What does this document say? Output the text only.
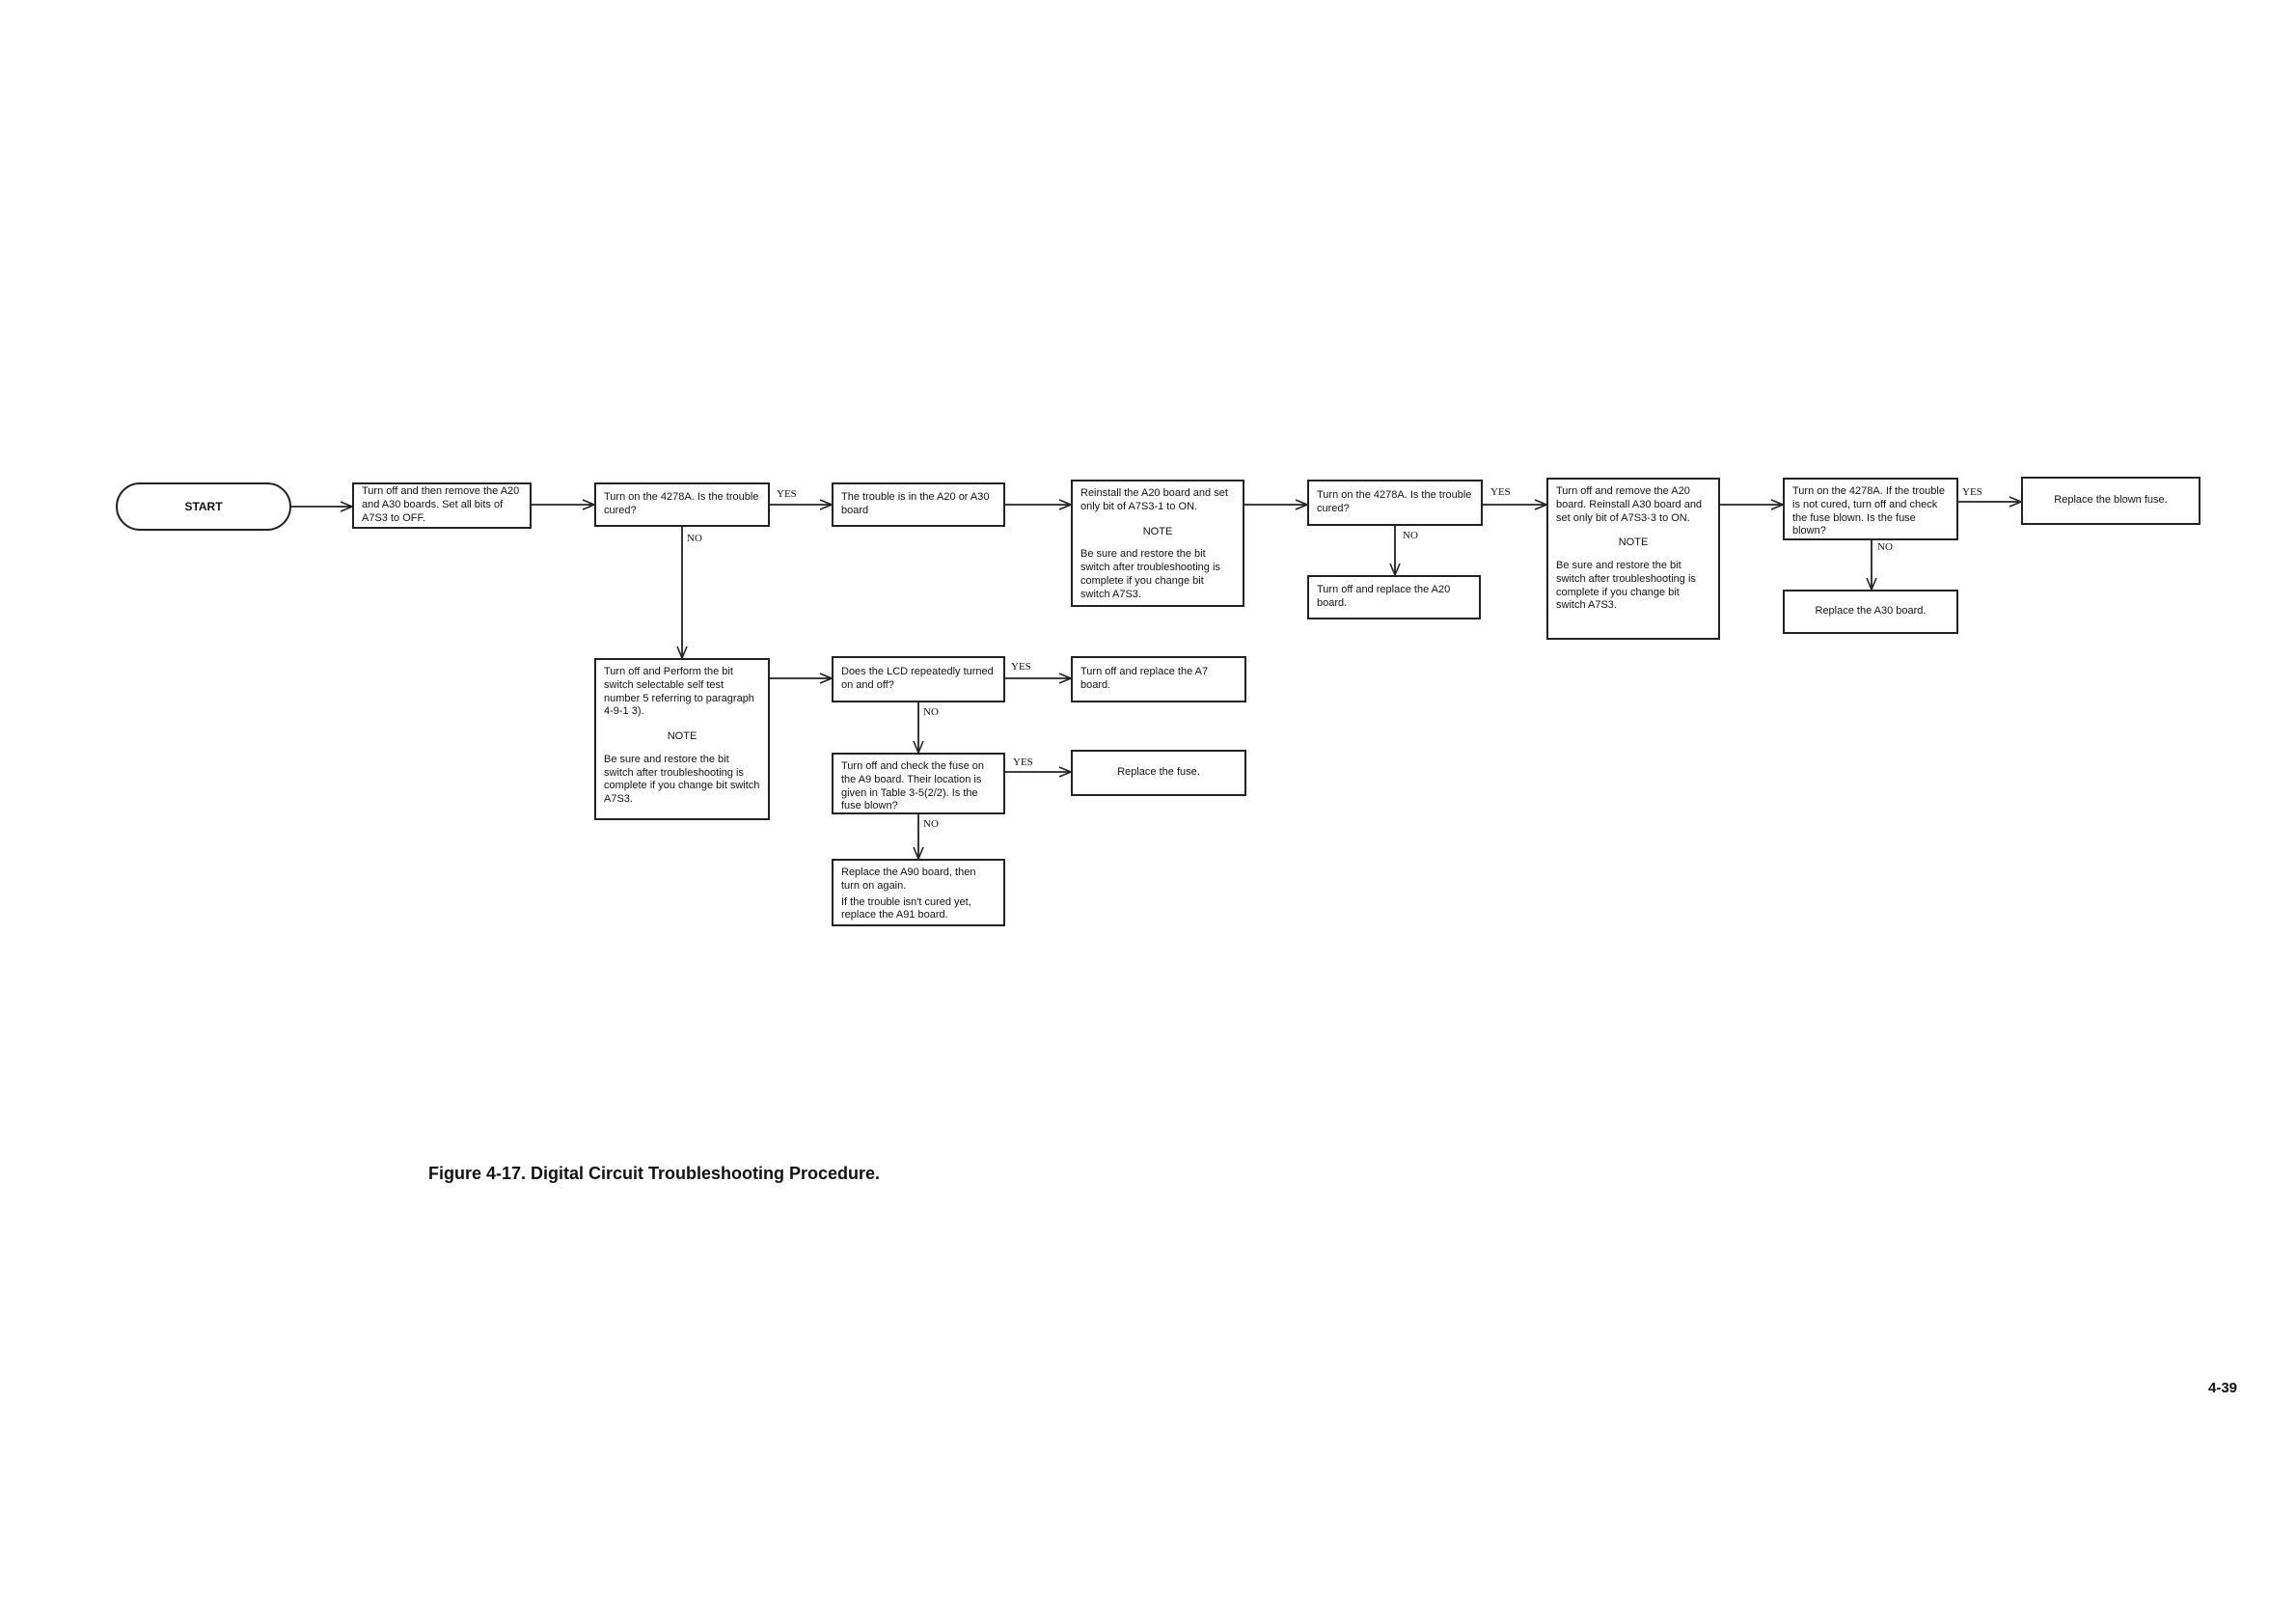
START

Turn off and then remove the A20 and A30 boards. Set all bits of A7S3 to OFF.

Turn on the 4278A. Is the trouble cured?

The trouble is in the A20 or A30 board

Reinstall the A20 board and set only bit of A7S3-1 to ON.

NOTE

Be sure and restore the bit switch after troubleshooting is complete if you change bit switch A7S3.

Turn on the 4278A. Is the trouble cured?

Turn off and replace the A20 board.

Turn off and remove the A20 board. Reinstall A30 board and set only bit of A7S3-3 to ON.

NOTE

Be sure and restore the bit switch after troubleshooting is complete if you change bit switch A7S3.

Turn on the 4278A. If the trouble is not cured, turn off and check the fuse blown. Is the fuse blown?

Replace the blown fuse.

Replace the A30 board.

Turn off and Perform the bit switch selectable self test number 5 referring to paragraph 4-9-1 3).

NOTE

Be sure and restore the bit switch after troubleshooting is complete if you change bit switch A7S3.

Does the LCD repeatedly turned on and off?

Turn off and replace the A7 board.

Turn off and check the fuse on the A9 board. Their location is given in Table 3-5(2/2). Is the fuse blown?

Replace the fuse.

Replace the A90 board, then turn on again.

If the trouble isn't cured yet, replace the A91 board.

YES	YES	YES
YES
YES
NO	NO
NO
NO
NO
Figure 4-17. Digital Circuit Troubleshooting Procedure.
4-39
